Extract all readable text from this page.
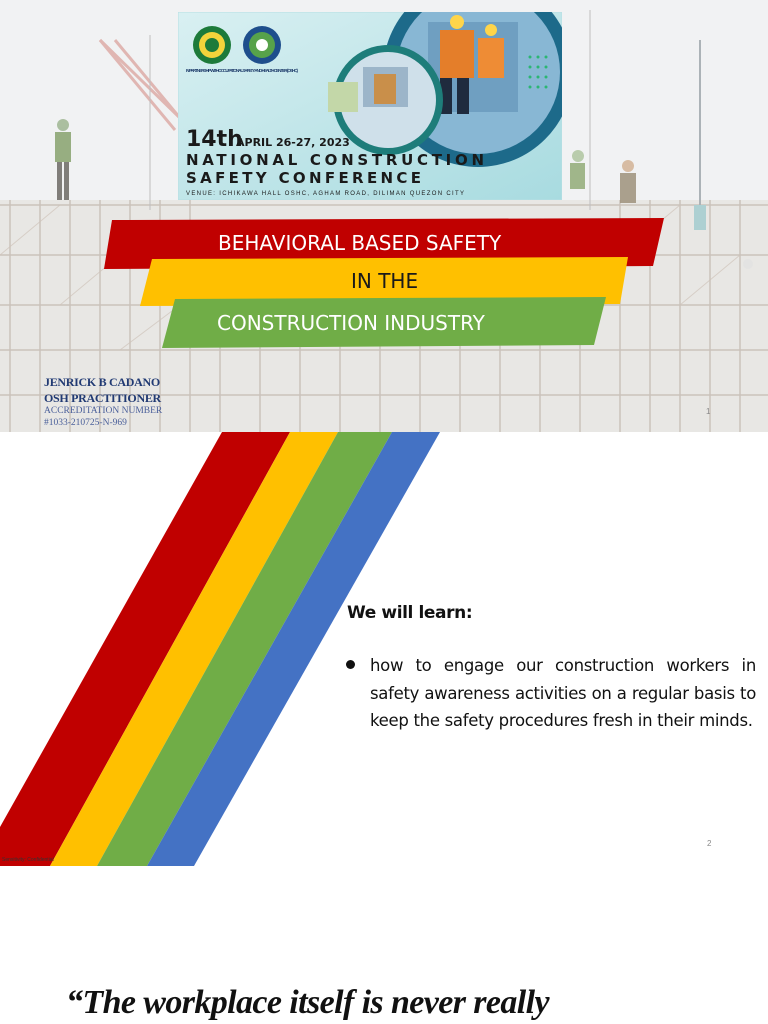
IN PARTNERSHIP WITH OCCUPATIONAL SAFETY AND HEALTH CENTER (OSHC)
14th
APRIL 26-27, 2023
NATIONAL CONSTRUCTION
SAFETY CONFERENCE
VENUE: ICHIKAWA HALL OSHC, AGHAM ROAD, DILIMAN QUEZON CITY
BEHAVIORAL BASED SAFETY
IN THE
CONSTRUCTION INDUSTRY
JENRICK B CADANO
OSH PRACTITIONER
ACCREDITATION NUMBER
#1033-210725-N-969
1
We will learn:
how to engage our construction workers in safety awareness activities on a regular basis to keep the safety procedures fresh in their minds.
2
Sensitivity: Confidential
“The workplace itself is never really
